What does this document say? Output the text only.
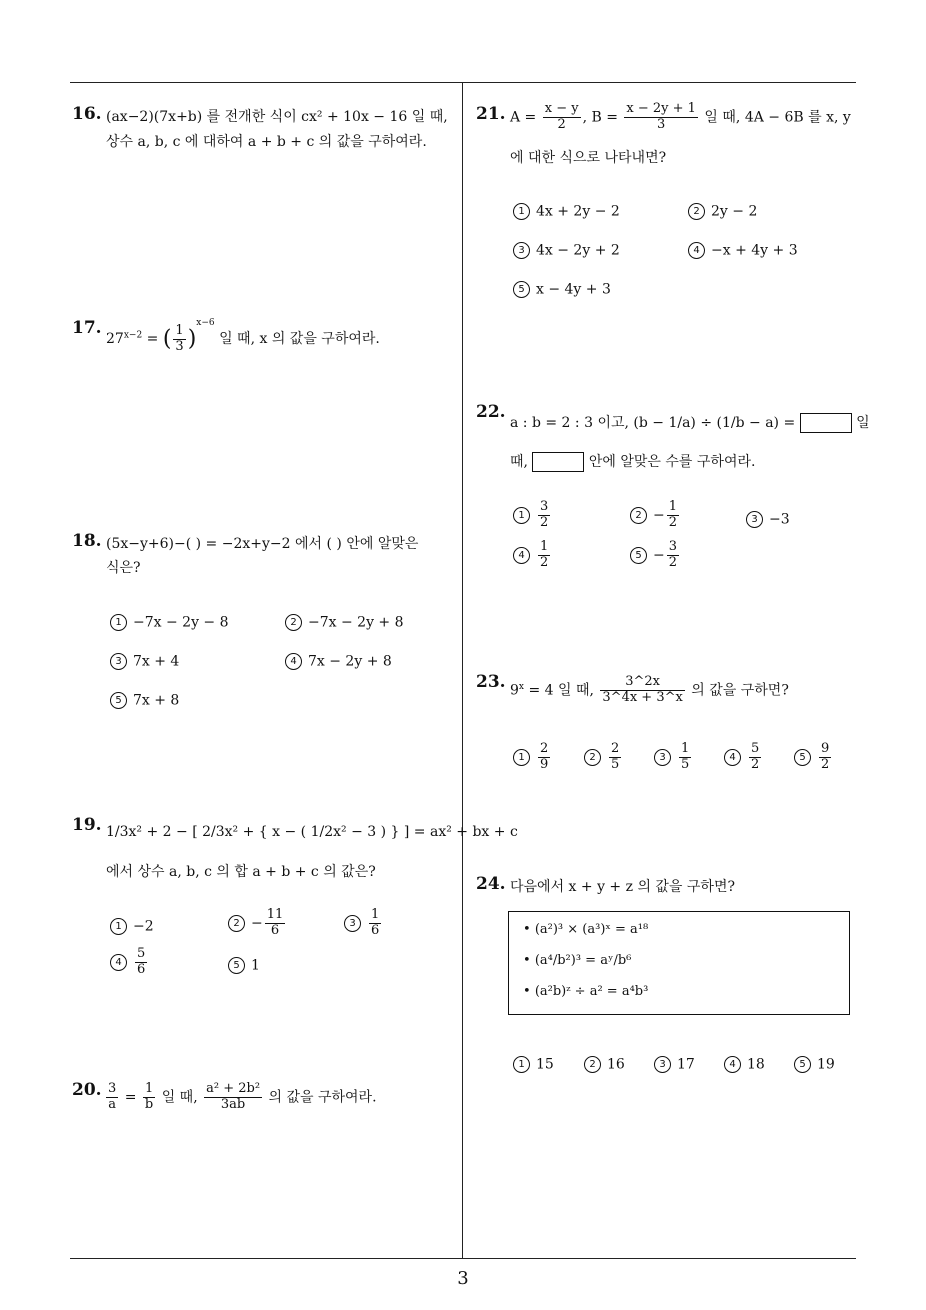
16. (ax−2)(7x+b) 를 전개한 식이 cx² + 10x − 16 일 때,
상수 a, b, c 에 대하여 a + b + c 의 값을 구하여라.
17.
$27^{x-2}$ = ( $\frac{1}{3} )^{x-6}$ 일 때, x 의 값을 구하여라.
18. (5x−y+6)−( ) = −2x+y−2 에서 ( ) 안에 알맞은
식은?
1 −7x − 2y − 8	2 −7x − 2y + 8
3 7x + 4	4 7x − 2y + 8
5 7x + 8
19. 1/3x² + 2 − [ 2/3x² + { x − ( 1/2x² − 3 ) } ] = ax² + bx + c
에서 상수 a, b, c 의 합 a + b + c 의 값은?
1 −2	$2 - \frac{11}{6}$	$3 \frac{1}{6}$
$4 \frac{5}{6}$	5 1
20. $\frac{3}{a} = \frac{1}{b}$ 일 때, $\frac{\text{a² + 2b²}}{3ab}$ 의 값을 구하여라.
21. $A = \frac{x - y}{2}$ , $B = \frac{x - 2y + 1}{3}$ 일 때, 4A − 6B 를 x, y
에 대한 식으로 나타내면?
1 4x + 2y − 2	2 2y − 2
3 4x − 2y + 2	4 −x + 4y + 3
5 x − 4y + 3
22.
a : b = 2 : 3 이고, (b − 1/a) ÷ (1/b − a) =	일
때,	안에 알맞은 수를 구하여라.
$1 \frac{3}{2}$	$2 - \frac{1}{2}$	3 −3
$4 \frac{1}{2}$	$5 - \frac{3}{2}$
23. $9^x = 4$ 일 때, $\frac{3\^{}2x}{3\^{}4x + 3\^{}x}$ 의 값을 구하면?
$1 \frac{2}{9}$	$2 \frac{2}{5}$	$3 \frac{1}{5}$	$4 \frac{5}{2}$	$5 \frac{9}{2}$
24. 다음에서 x + y + z 의 값을 구하면?
• (a²)³ × (a³)ˣ = a¹⁸
• (a⁴/b²)³ = aʸ/b⁶
• (a²b)ᶻ ÷ a² = a⁴b³
1 15	2 16	3 17	4 18	5 19
3
